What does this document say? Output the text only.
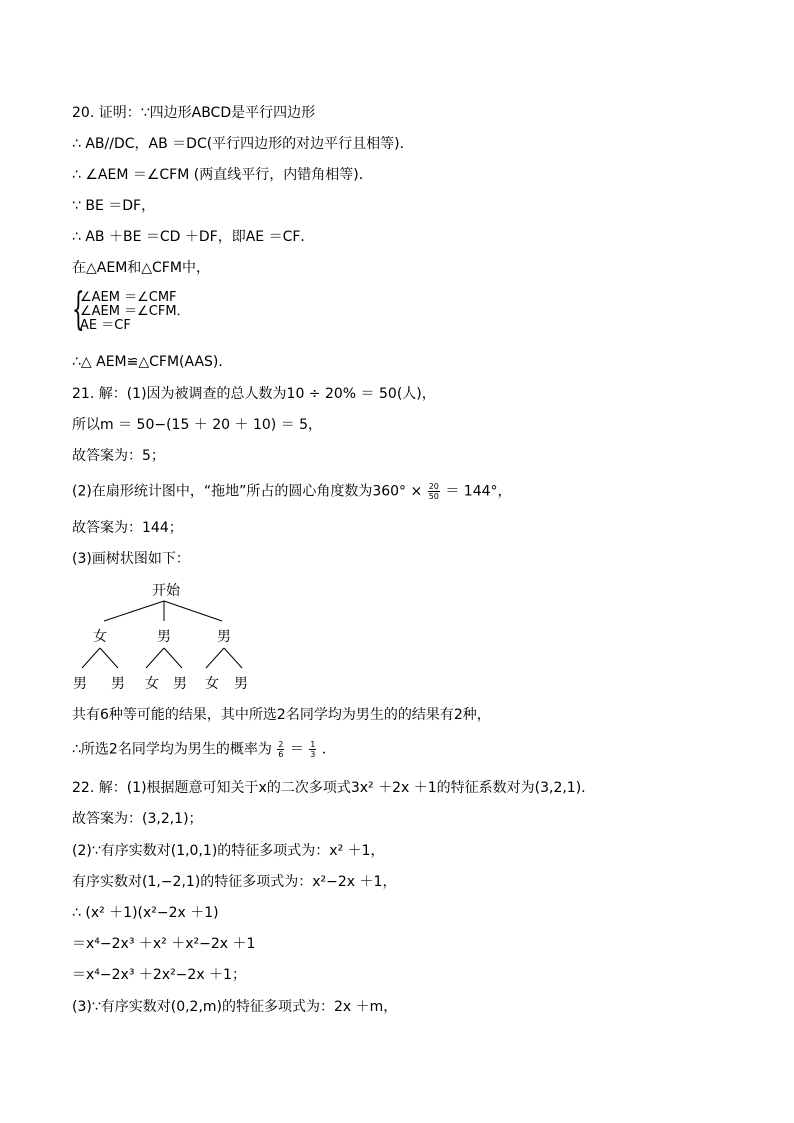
20. 证明：∵四边形ABCD是平行四边形
∴ AB//DC，AB ＝DC(平行四边形的对边平行且相等)．
∴ ∠AEM ＝∠CFM (两直线平行，内错角相等)．
∵ BE ＝DF，
∴ AB ＋BE ＝CD ＋DF，即AE ＝CF．
在△AEM和△CFM中，
{
∠AEM ＝∠CMF
∠AEM ＝∠CFM．
AE ＝CF
∴△ AEM≌△CFM(AAS)．
21. 解：(1)因为被调查的总人数为10 ÷ 20% ＝ 50(人)，
所以m ＝ 50−(15 ＋ 20 ＋ 10) ＝ 5，
故答案为：5；
(2)在扇形统计图中，“拖地”所占的圆心角度数为$360^\circ \times \frac{20}{50} = 144^\circ$，
故答案为：144；
(3)画树状图如下：
开始
女	男	男
男 男 女 男 女 男
共有6种等可能的结果，其中所选2名同学均为男生的的结果有2种，
∴所选2名同学均为男生的概率为 $\frac{2}{6} = \frac{1}{3}$ ．
22. 解：(1)根据题意可知关于x的二次多项式3x² ＋2x ＋1的特征系数对为(3,2,1)．
故答案为：(3,2,1)；
(2)∵有序实数对(1,0,1)的特征多项式为：x² ＋1，
有序实数对(1,−2,1)的特征多项式为：x²−2x ＋1，
∴ (x² ＋1)(x²−2x ＋1)
＝x⁴−2x³ ＋x² ＋x²−2x ＋1
＝x⁴−2x³ ＋2x²−2x ＋1；
(3)∵有序实数对(0,2,m)的特征多项式为：2x ＋m，
